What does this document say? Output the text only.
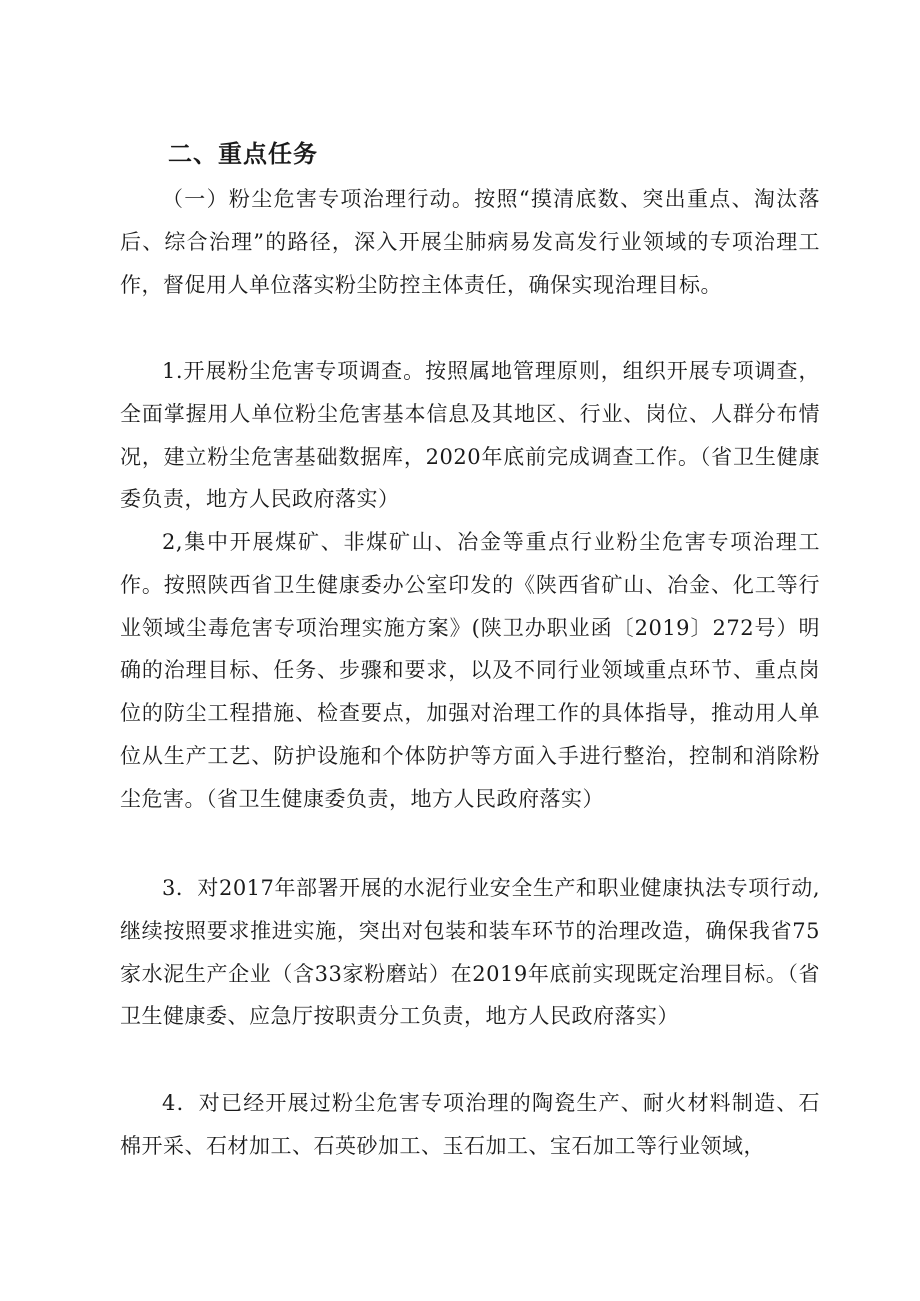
二、重点任务

（一）粉尘危害专项治理行动。按照“摸清底数、突出重点、淘汰落后、综合治理”的路径，深入开展尘肺病易发高发行业领域的专项治理工作，督促用人单位落实粉尘防控主体责任，确保实现治理目标。

1.开展粉尘危害专项调查。按照属地管理原则，组织开展专项调查，全面掌握用人单位粉尘危害基本信息及其地区、行业、岗位、人群分布情况，建立粉尘危害基础数据库，2020年底前完成调查工作。（省卫生健康委负责，地方人民政府落实）

2,集中开展煤矿、非煤矿山、冶金等重点行业粉尘危害专项治理工作。按照陕西省卫生健康委办公室印发的《陕西省矿山、冶金、化工等行业领域尘毒危害专项治理实施方案》(陕卫办职业函〔2019〕272号）明确的治理目标、任务、步骤和要求，以及不同行业领域重点环节、重点岗位的防尘工程措施、检查要点，加强对治理工作的具体指导，推动用人单位从生产工艺、防护设施和个体防护等方面入手进行整治，控制和消除粉尘危害。（省卫生健康委负责，地方人民政府落实）

3．对2017年部署开展的水泥行业安全生产和职业健康执法专项行动,继续按照要求推进实施，突出对包装和装车环节的治理改造，确保我省75家水泥生产企业（含33家粉磨站）在2019年底前实现既定治理目标。（省卫生健康委、应急厅按职责分工负责，地方人民政府落实）

4．对已经开展过粉尘危害专项治理的陶瓷生产、耐火材料制造、石棉开采、石材加工、石英砂加工、玉石加工、宝石加工等行业领域，
